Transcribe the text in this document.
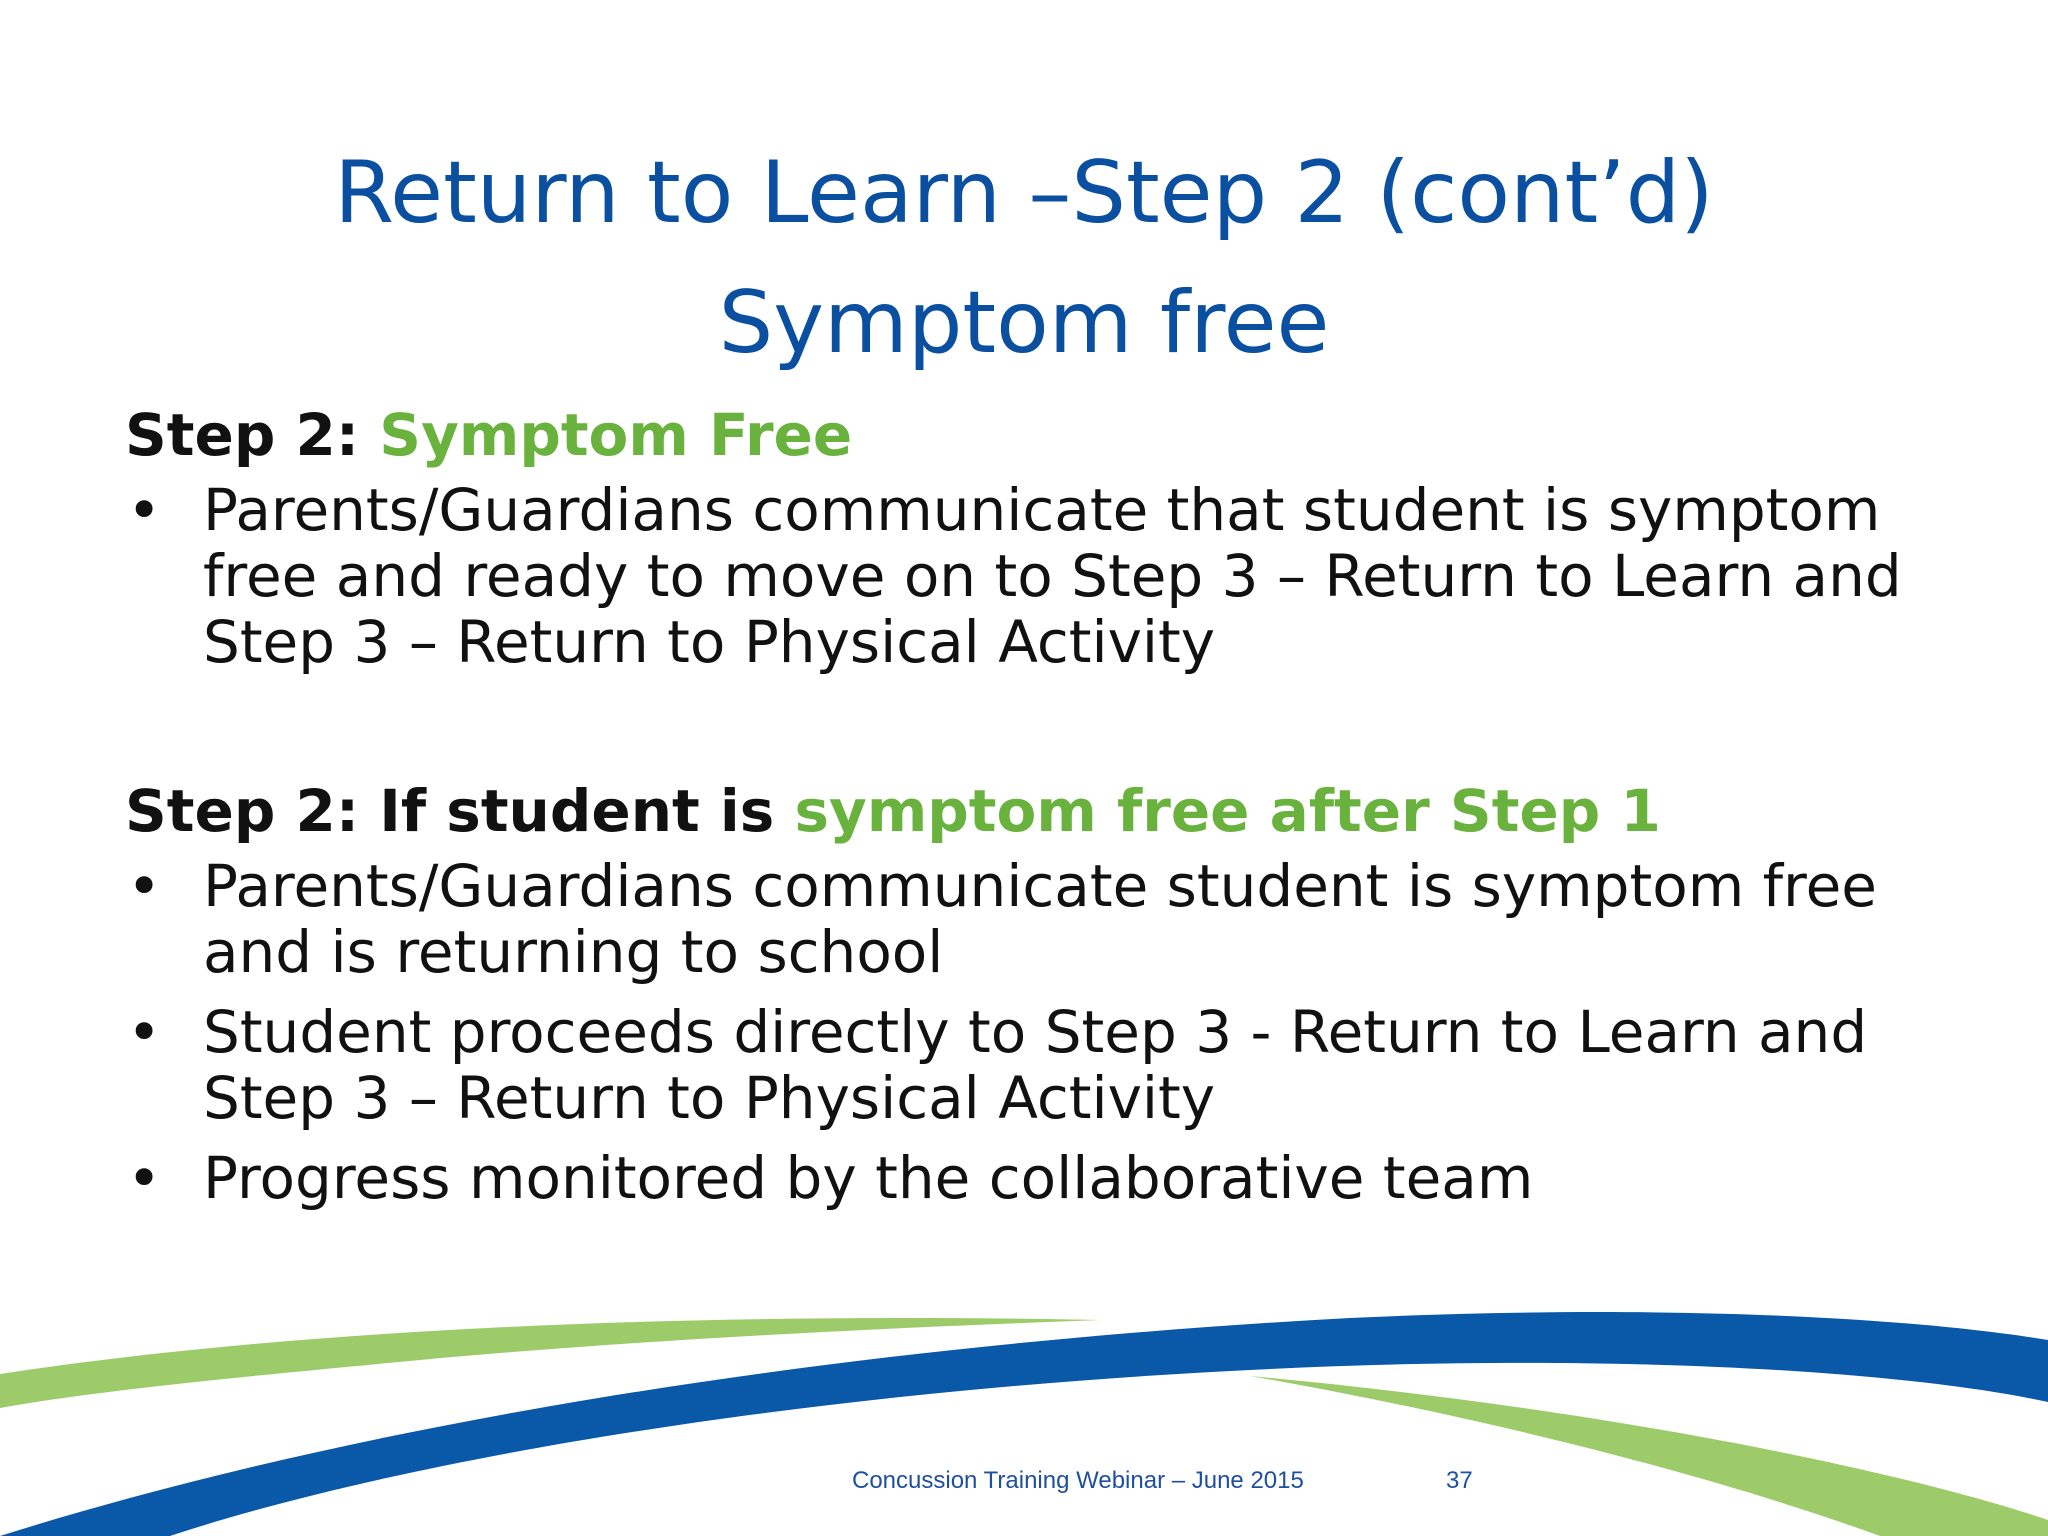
Return to Learn –Step 2 (cont’d)
Symptom free

Step 2: Symptom Free

• Parents/Guardians communicate that student is symptom free and ready to move on to Step 3 – Return to Learn and Step 3 – Return to Physical Activity

Step 2: If student is symptom free after Step 1

• Parents/Guardians communicate student is symptom free and is returning to school
• Student proceeds directly to Step 3 - Return to Learn and Step 3 – Return to Physical Activity
• Progress monitored by the collaborative team
Concussion Training Webinar – June 2015	37
